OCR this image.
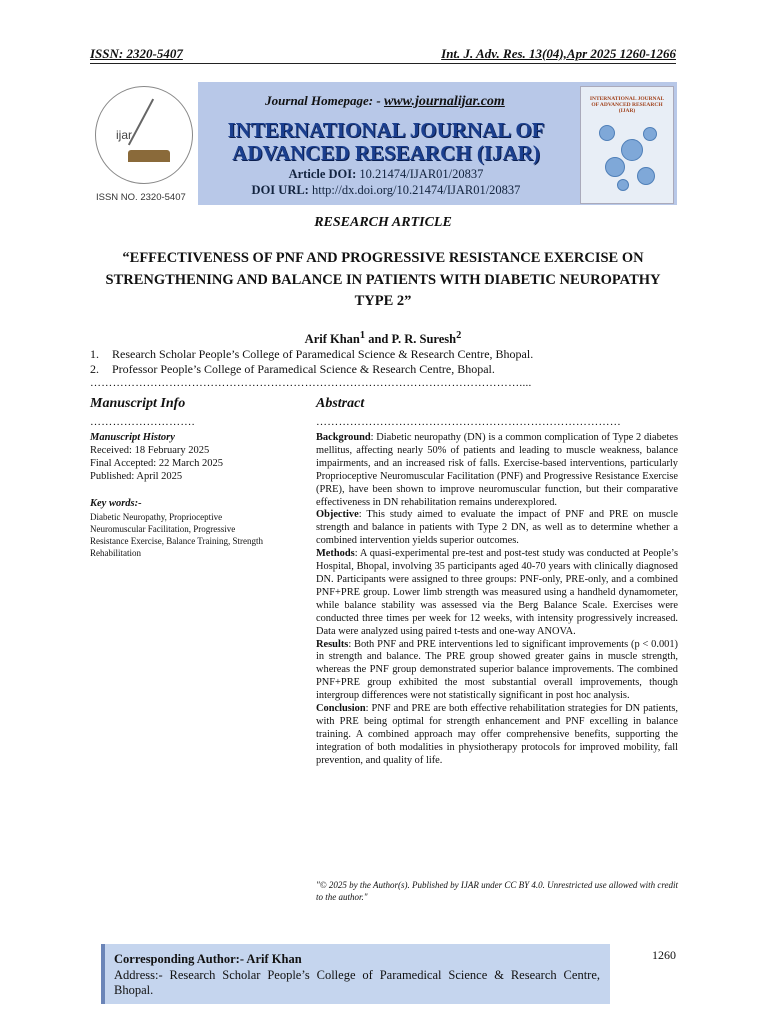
ISSN: 2320-5407	Int. J. Adv. Res. 13(04),Apr 2025 1260-1266
ijar
ISSN NO. 2320-5407
Journal Homepage: - www.journalijar.com
INTERNATIONAL JOURNAL OF
ADVANCED RESEARCH (IJAR)
Article DOI: 10.21474/IJAR01/20837
DOI URL: http://dx.doi.org/10.21474/IJAR01/20837
INTERNATIONAL JOURNAL OF ADVANCED RESEARCH (IJAR)
RESEARCH ARTICLE
“EFFECTIVENESS OF PNF AND PROGRESSIVE RESISTANCE EXERCISE ON STRENGTHENING AND BALANCE IN PATIENTS WITH DIABETIC NEUROPATHY TYPE 2”
Arif Khan$^1$ and P. R. Suresh$^2$
1. Research Scholar People’s College of Paramedical Science & Research Centre, Bhopal.
2. Professor People’s College of Paramedical Science & Research Centre, Bhopal.
……………………………………………………………………………………………………....
Manuscript Info	Abstract
……………………….	………………………………………………………………………
Manuscript History
Received: 18 February 2025
Final Accepted: 22 March 2025
Published: April 2025
Key words:-
Diabetic Neuropathy, Proprioceptive Neuromuscular Facilitation, Progressive Resistance Exercise, Balance Training, Strength Rehabilitation

Background: Diabetic neuropathy (DN) is a common complication of Type 2 diabetes mellitus, affecting nearly 50% of patients and leading to muscle weakness, balance impairments, and an increased risk of falls. Exercise-based interventions, particularly Proprioceptive Neuromuscular Facilitation (PNF) and Progressive Resistance Exercise (PRE), have been shown to improve neuromuscular function, but their comparative effectiveness in DN rehabilitation remains underexplored.

Objective: This study aimed to evaluate the impact of PNF and PRE on muscle strength and balance in patients with Type 2 DN, as well as to determine whether a combined intervention yields superior outcomes.

Methods: A quasi-experimental pre-test and post-test study was conducted at People’s Hospital, Bhopal, involving 35 participants aged 40-70 years with clinically diagnosed DN. Participants were assigned to three groups: PNF-only, PRE-only, and a combined PNF+PRE group. Lower limb strength was measured using a handheld dynamometer, while balance stability was assessed via the Berg Balance Scale. Exercises were conducted three times per week for 12 weeks, with intensity progressively increased. Data were analyzed using paired t-tests and one-way ANOVA.

Results: Both PNF and PRE interventions led to significant improvements (p < 0.001) in strength and balance. The PRE group showed greater gains in muscle strength, whereas the PNF group demonstrated superior balance improvements. The combined PNF+PRE group exhibited the most substantial overall improvements, though intergroup differences were not statistically significant in post hoc analysis.

Conclusion: PNF and PRE are both effective rehabilitation strategies for DN patients, with PRE being optimal for strength enhancement and PNF excelling in balance training. A combined approach may offer comprehensive benefits, supporting the integration of both modalities in physiotherapy protocols for improved mobility, fall prevention, and quality of life.

"© 2025 by the Author(s). Published by IJAR under CC BY 4.0. Unrestricted use allowed with credit to the author."
Corresponding Author:- Arif Khan
Address:- Research Scholar People’s College of Paramedical Science & Research Centre, Bhopal.
1260
